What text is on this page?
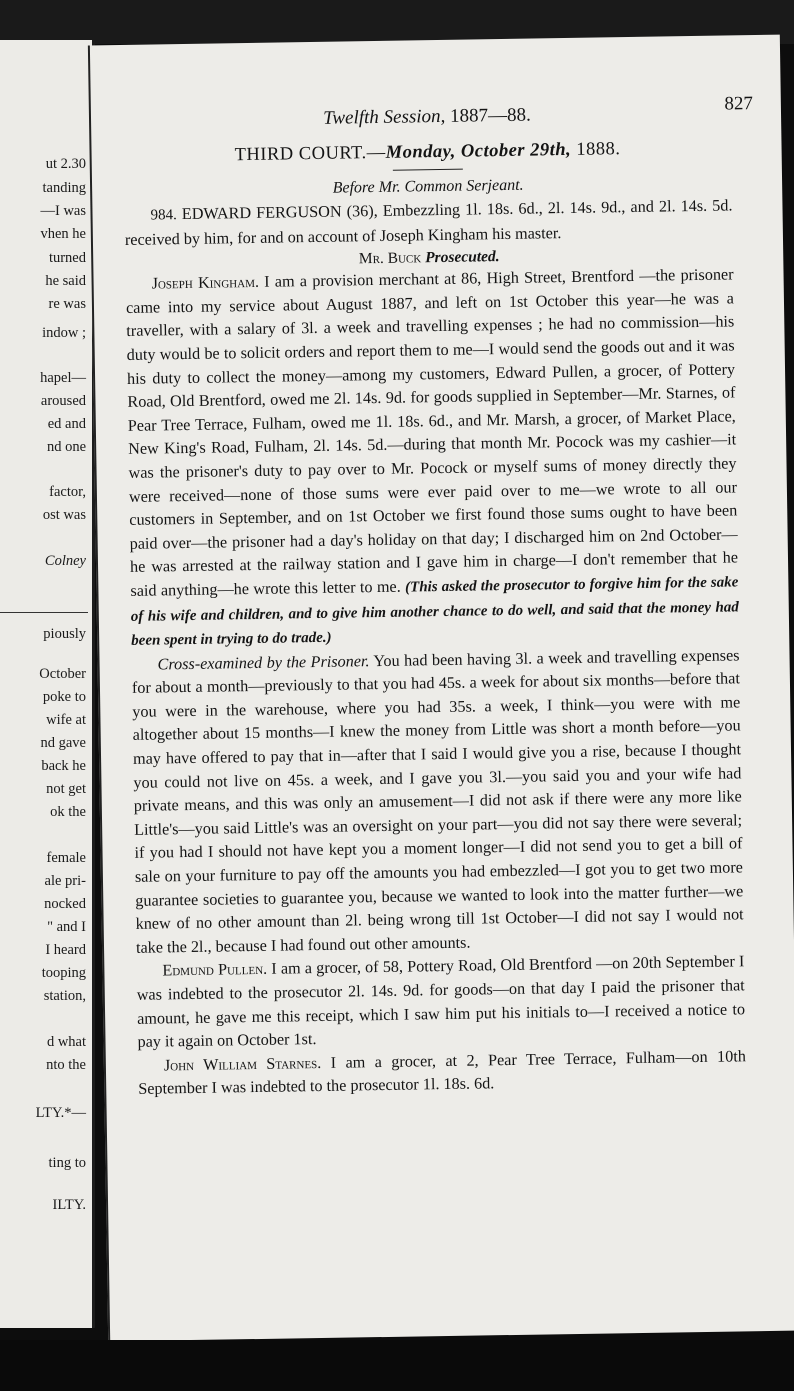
ut 2.30
tanding
—I was
vhen he
turned
he said
re was
indow ;
hapel—
aroused
ed and
nd one
factor,
ost was
Colney
piously
October
poke to
wife at
nd gave
back he
not get
ok the
female
ale pri-
nocked
" and I
I heard
tooping
station,
d what
nto the
LTY.*—
ting to
ILTY.
Twelfth Session, 1887—88.
827
THIRD COURT.—Monday, October 29th, 1888.
Before Mr. Common Serjeant.

984. EDWARD FERGUSON (36), Embezzling 1l. 18s. 6d., 2l. 14s. 9d., and 2l. 14s. 5d. received by him, for and on account of Joseph Kingham his master.

Mr. Buck Prosecuted.

Joseph Kingham. I am a provision merchant at 86, High Street, Brentford —the prisoner came into my service about August 1887, and left on 1st October this year—he was a traveller, with a salary of 3l. a week and travelling expenses ; he had no commission—his duty would be to solicit orders and report them to me—I would send the goods out and it was his duty to collect the money—among my customers, Edward Pullen, a grocer, of Pottery Road, Old Brentford, owed me 2l. 14s. 9d. for goods supplied in September—Mr. Starnes, of Pear Tree Terrace, Fulham, owed me 1l. 18s. 6d., and Mr. Marsh, a grocer, of Market Place, New King's Road, Fulham, 2l. 14s. 5d.—during that month Mr. Pocock was my cashier—it was the prisoner's duty to pay over to Mr. Pocock or myself sums of money directly they were received—none of those sums were ever paid over to me—we wrote to all our customers in September, and on 1st October we first found those sums ought to have been paid over—the prisoner had a day's holiday on that day; I discharged him on 2nd October—he was arrested at the railway station and I gave him in charge—I don't remember that he said anything—he wrote this letter to me. (This asked the prosecutor to forgive him for the sake of his wife and children, and to give him another chance to do well, and said that the money had been spent in trying to do trade.)

Cross-examined by the Prisoner. You had been having 3l. a week and travelling expenses for about a month—previously to that you had 45s. a week for about six months—before that you were in the warehouse, where you had 35s. a week, I think—you were with me altogether about 15 months—I knew the money from Little was short a month before—you may have offered to pay that in—after that I said I would give you a rise, because I thought you could not live on 45s. a week, and I gave you 3l.—you said you and your wife had private means, and this was only an amusement—I did not ask if there were any more like Little's—you said Little's was an oversight on your part—you did not say there were several; if you had I should not have kept you a moment longer—I did not send you to get a bill of sale on your furniture to pay off the amounts you had embezzled—I got you to get two more guarantee societies to guarantee you, because we wanted to look into the matter further—we knew of no other amount than 2l. being wrong till 1st October—I did not say I would not take the 2l., because I had found out other amounts.

Edmund Pullen. I am a grocer, of 58, Pottery Road, Old Brentford —on 20th September I was indebted to the prosecutor 2l. 14s. 9d. for goods—on that day I paid the prisoner that amount, he gave me this receipt, which I saw him put his initials to—I received a notice to pay it again on October 1st.

John William Starnes. I am a grocer, at 2, Pear Tree Terrace, Fulham—on 10th September I was indebted to the prosecutor 1l. 18s. 6d.
